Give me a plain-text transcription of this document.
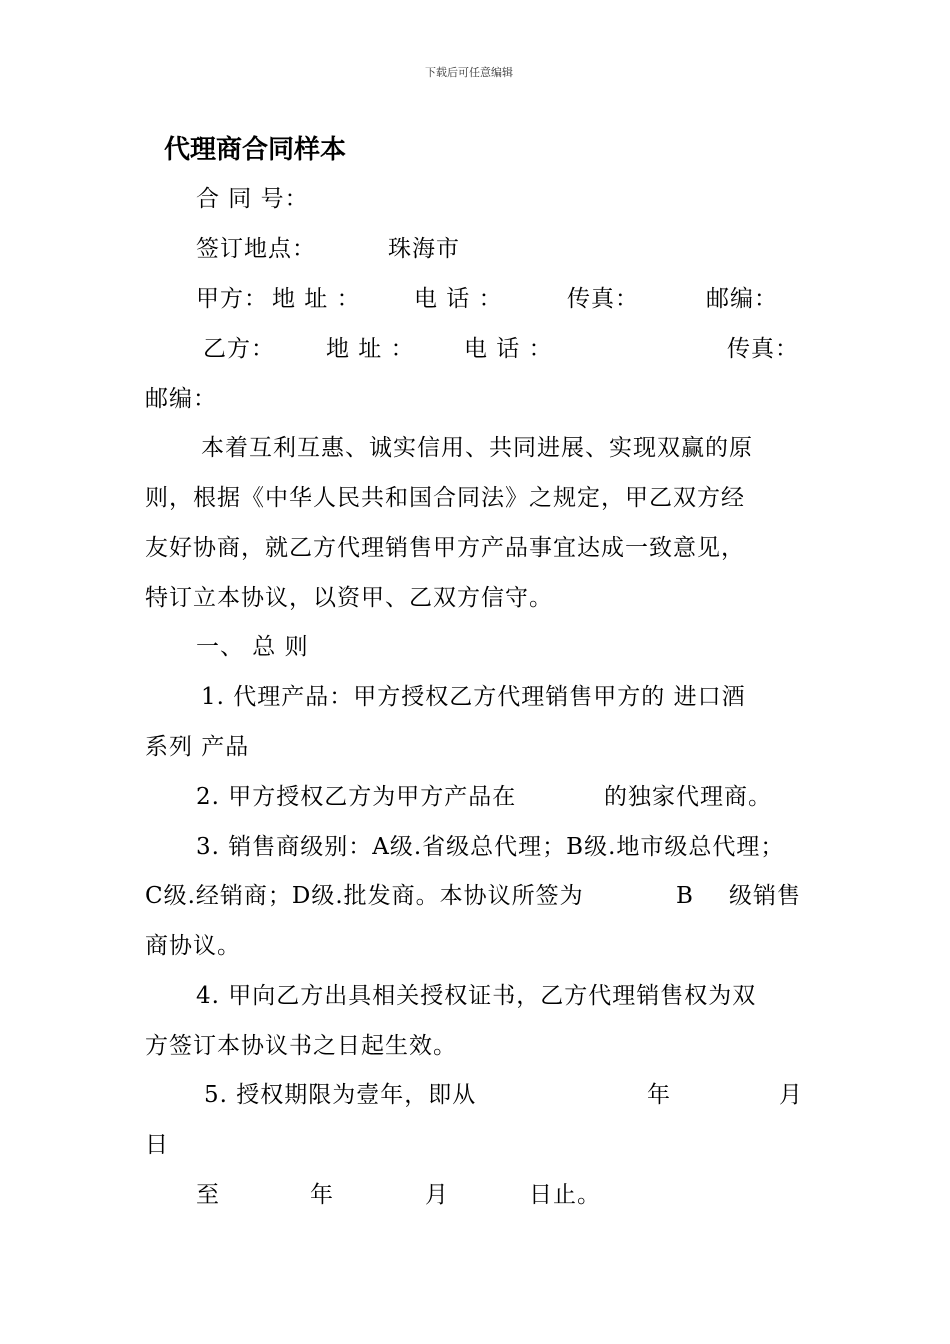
下载后可任意编辑
代理商合同样本
合 同 号：
签订地点：	珠海市
甲方： 地 址 ： 电 话 ：	传真：	邮编：
乙方： 地 址 ： 电 话 ：	传真：
邮编：
本着互利互惠、诚实信用、共同进展、实现双赢的原
则，根据《中华人民共和国合同法》之规定，甲乙双方经
友好协商，就乙方代理销售甲方产品事宜达成一致意见，
特订立本协议，以资甲、乙双方信守。
一、 总 则
1. 代理产品：甲方授权乙方代理销售甲方的 进口酒
系列 产品
2. 甲方授权乙方为甲方产品在	的独家代理商。
3. 销售商级别：A级.省级总代理；B级.地市级总代理；
C级.经销商；D级.批发商。本协议所签为	B 级销售
商协议。
4. 甲向乙方出具相关授权证书，乙方代理销售权为双
方签订本协议书之日起生效。
5. 授权期限为壹年，即从	年	月
日
至	年	月	日止。
